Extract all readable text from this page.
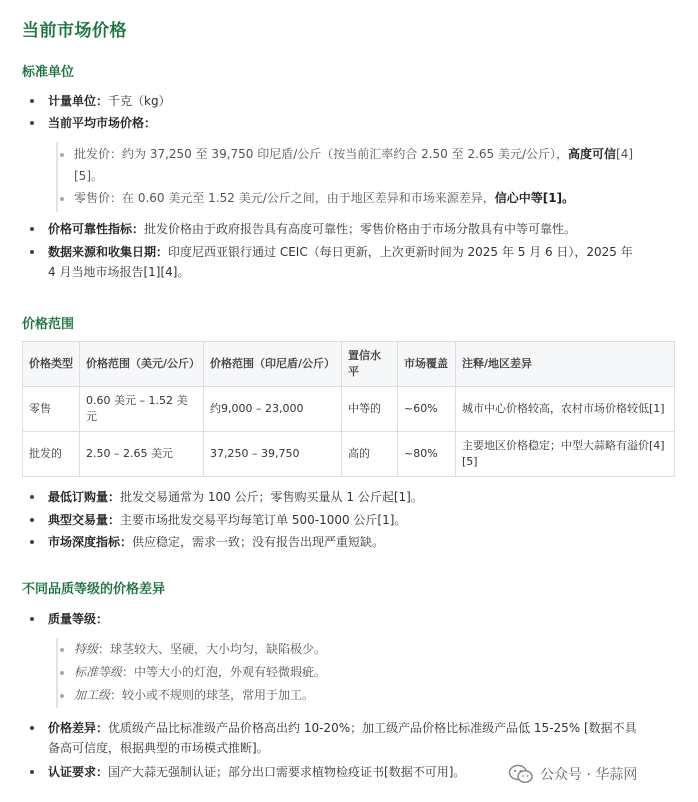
当前市场价格
标准单位
计量单位：千克（kg）
当前平均市场价格：
批发价：约为 37,250 至 39,750 印尼盾/公斤（按当前汇率约合 2.50 至 2.65 美元/公斤），高度可信[4]
[5]。
零售价：在 0.60 美元至 1.52 美元/公斤之间，由于地区差异和市场来源差异，信心中等[1]。
价格可靠性指标：批发价格由于政府报告具有高度可靠性；零售价格由于市场分散具有中等可靠性。
数据来源和收集日期：印度尼西亚银行通过 CEIC（每日更新，上次更新时间为 2025 年 5 月 6 日），2025 年
4 月当地市场报告[1][4]。
价格范围
价格类型	价格范围（美元/公斤）	价格范围（印尼盾/公斤）	置信水平	市场覆盖	注释/地区差异
零售	0.60 美元 – 1.52 美元	约9,000 – 23,000	中等的	~60%	城市中心价格较高，农村市场价格较低[1]
批发的	2.50 – 2.65 美元	37,250 – 39,750	高的	~80%	主要地区价格稳定；中型大蒜略有溢价[4][5]
最低订购量：批发交易通常为 100 公斤；零售购买量从 1 公斤起[1]。
典型交易量：主要市场批发交易平均每笔订单 500-1000 公斤[1]。
市场深度指标：供应稳定，需求一致；没有报告出现严重短缺。
不同品质等级的价格差异
质量等级：
特级：球茎较大、坚硬，大小均匀，缺陷极少。
标准等级：中等大小的灯泡，外观有轻微瑕疵。
加工级：较小或不规则的球茎，常用于加工。
价格差异：优质级产品比标准级产品价格高出约 10-20%；加工级产品价格比标准级产品低 15-25% [数据不具
备高可信度，根据典型的市场模式推断]。
认证要求：国产大蒜无强制认证；部分出口需要求植物检疫证书[数据不可用]。	公众号 · 华蒜网
